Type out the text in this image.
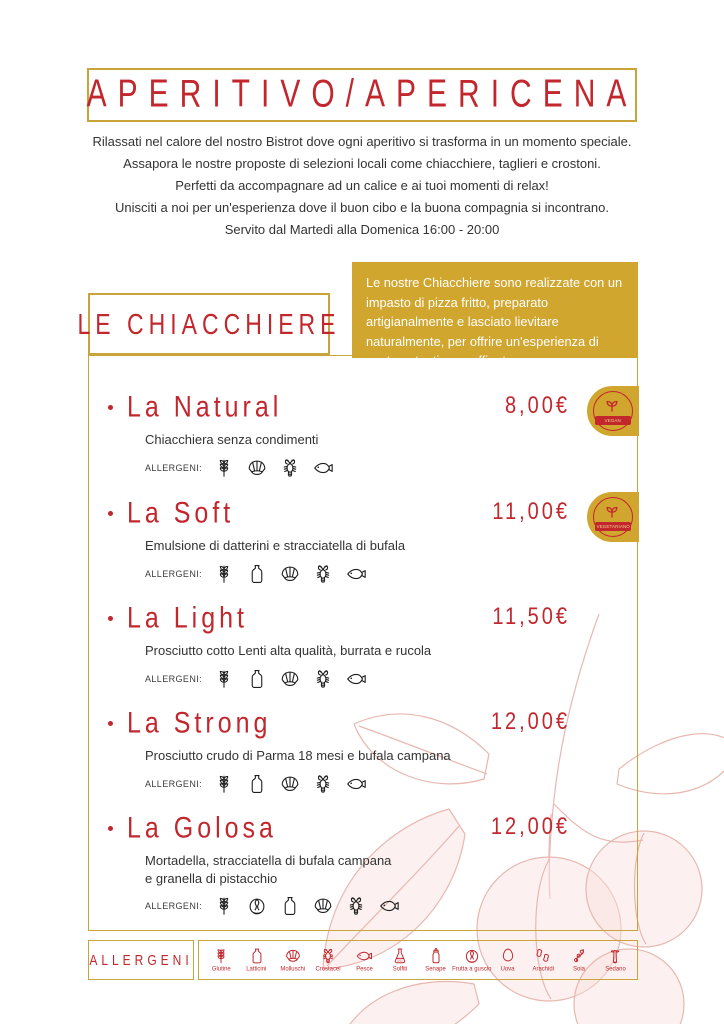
APERITIVO/APERICENA
Rilassati nel calore del nostro Bistrot dove ogni aperitivo si trasforma in un momento speciale.
Assapora le nostre proposte di selezioni locali come chiacchiere, taglieri e crostoni.
Perfetti da accompagnare ad un calice e ai tuoi momenti di relax!
Unisciti a noi per un'esperienza dove il buon cibo e la buona compagnia si incontrano.
Servito dal Martedi alla Domenica 16:00 - 20:00
Le nostre Chiacchiere sono realizzate con un impasto di pizza fritto, preparato artigianalmente e lasciato lievitare naturalmente, per offrire un'esperienza di gusto autentica e raffinata
LE CHIACCHIERE
La Natural	8,00€
Chiacchiera senza condimenti
ALLERGENI:
VEGAN
La Soft	11,00€
Emulsione di datterini e stracciatella di bufala
ALLERGENI:
VEGETARIANO
La Light	11,50€
Prosciutto cotto Lenti alta qualità, burrata e rucola
ALLERGENI:
La Strong	12,00€
Prosciutto crudo di Parma 18 mesi e bufala campana
ALLERGENI:
La Golosa	12,00€
Mortadella, stracciatella di bufala campana
e granella di pistacchio
ALLERGENI:
ALLERGENI Glutine Latticini Molluschi Crostacei Pesce Solfiti Senape Frutta a guscio Uova Arachidi Soia Sedano
